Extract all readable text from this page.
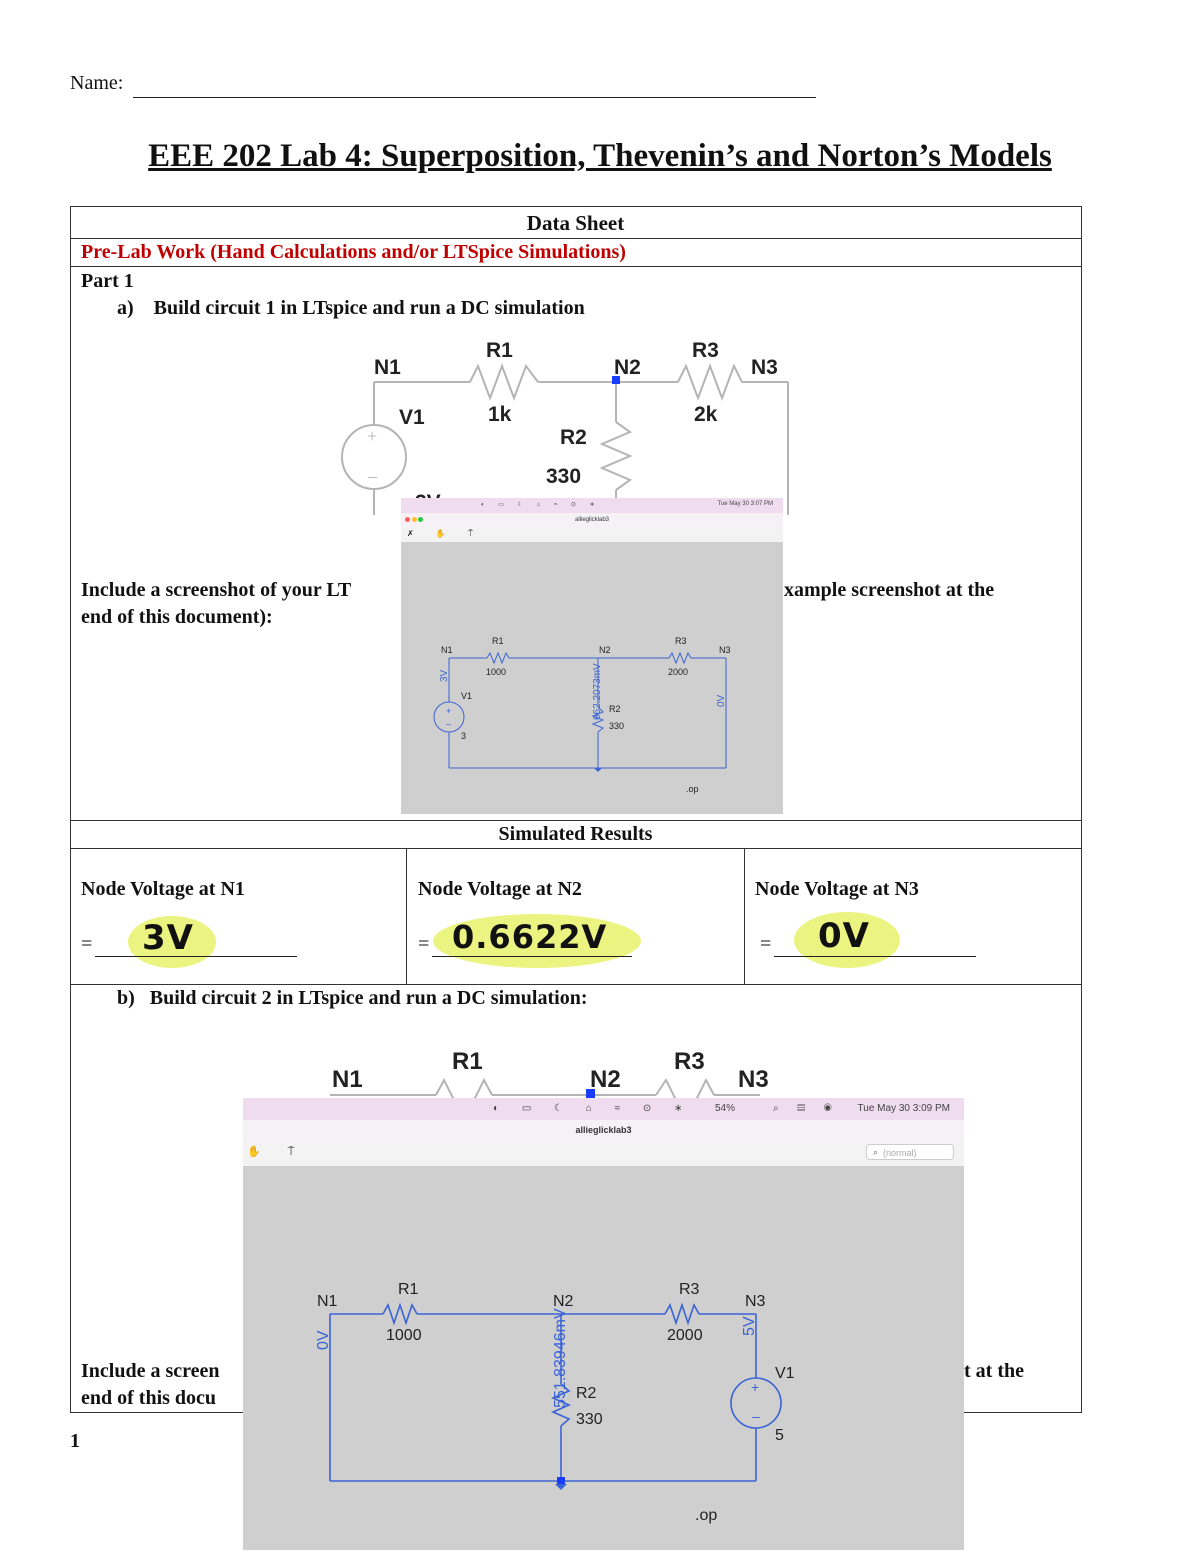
Name:
EEE 202 Lab 4: Superposition, Thevenin’s and Norton’s Models
Data Sheet
Pre-Lab Work (Hand Calculations and/or LTSpice Simulations)
Part 1
a)    Build circuit 1 in LTspice and run a DC simulation
+
–
N1
R1
N2
R3
N3
V1	1k
R2
2k
330
Include a screenshot of your LT	xample screenshot at the
end of this document):
◐ ▭ ☾ ⌂ ≈ ⊙ ∗	Tue May 30 3:07 PM

allieglicklab3
✗ ✋ ⍑
+
–
N1
R1
1000
N2
R3
2000
N3
V1
3
R2
330
.op
3V	662.2073mV	0V
Simulated Results
Node Voltage at N1	Node Voltage at N2	Node Voltage at N3
= 3V	= 0.6622V	= 0V
b)   Build circuit 2 in LTspice and run a DC simulation:
N1
R1
N2
R3
N3
Include a screen	t at the
end of this docu
1
◐ ▭ ☾ ⌂ ≈ ⊙ ∗ 54%	⌕ ▤ ◉ Tue May 30 3:09 PM
allieglicklab3
✋ ⍑	(normal)
⌕
+
–
N1
R1
1000
N2
R3
2000
N3
V1
5
R2
330
.op
0V	551.83946mV	5V
